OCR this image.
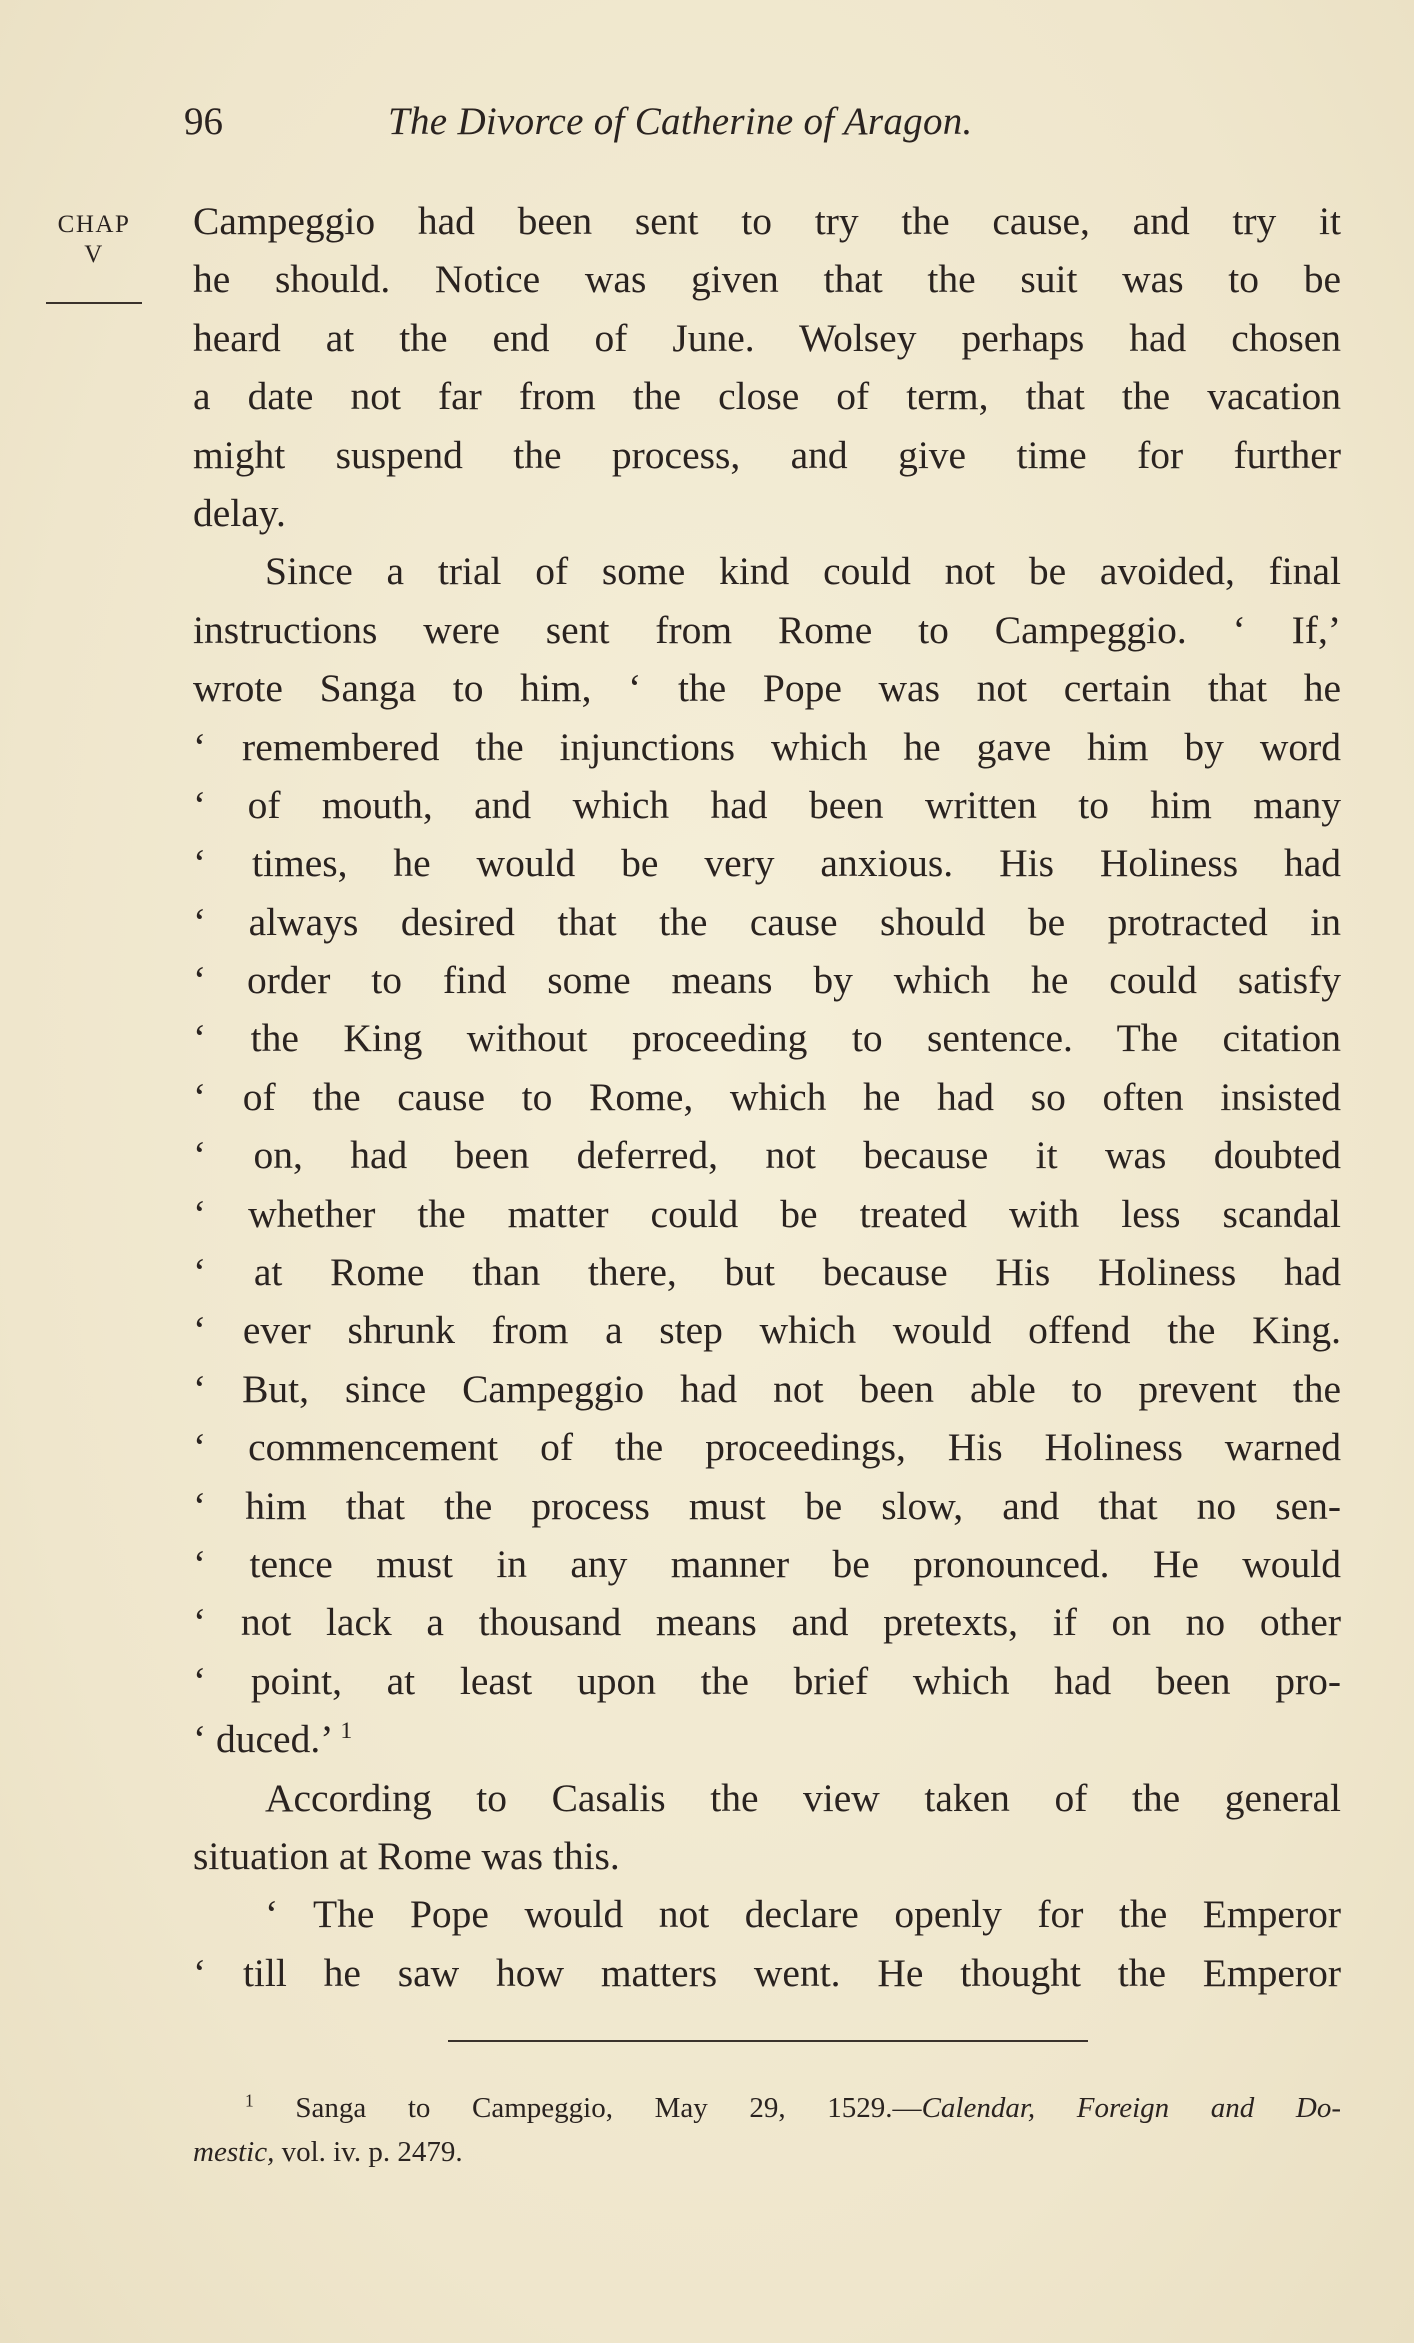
96	The Divorce of Catherine of Aragon.
CHAP
V
Campeggio had been sent to try the cause, and try it
he should. Notice was given that the suit was to be
heard at the end of June. Wolsey perhaps had chosen
a date not far from the close of term, that the vacation
might suspend the process, and give time for further
delay.
Since a trial of some kind could not be avoided, final
instructions were sent from Rome to Campeggio. ‘ If,’
wrote Sanga to him, ‘ the Pope was not certain that he
‘ remembered the injunctions which he gave him by word
‘ of mouth, and which had been written to him many
‘ times, he would be very anxious. His Holiness had
‘ always desired that the cause should be protracted in
‘ order to find some means by which he could satisfy
‘ the King without proceeding to sentence. The citation
‘ of the cause to Rome, which he had so often insisted
‘ on, had been deferred, not because it was doubted
‘ whether the matter could be treated with less scandal
‘ at Rome than there, but because His Holiness had
‘ ever shrunk from a step which would offend the King.
‘ But, since Campeggio had not been able to prevent the
‘ commencement of the proceedings, His Holiness warned
‘ him that the process must be slow, and that no sen-
‘ tence must in any manner be pronounced. He would
‘ not lack a thousand means and pretexts, if on no other
‘ point, at least upon the brief which had been pro-
‘ duced.’ $^1$
According to Casalis the view taken of the general
situation at Rome was this.
‘ The Pope would not declare openly for the Emperor
‘ till he saw how matters went. He thought the Emperor
$^1$ Sanga to Campeggio, May 29, 1529.—Calendar, Foreign and Do-
mestic, vol. iv. p. 2479.
